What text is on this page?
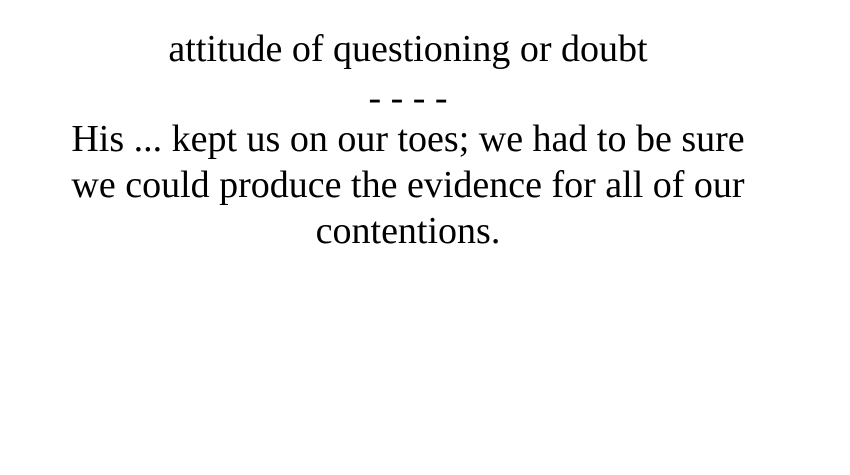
attitude of questioning or doubt
- - - -
His ... kept us on our toes; we had to be sure
we could produce the evidence for all of our
contentions.
